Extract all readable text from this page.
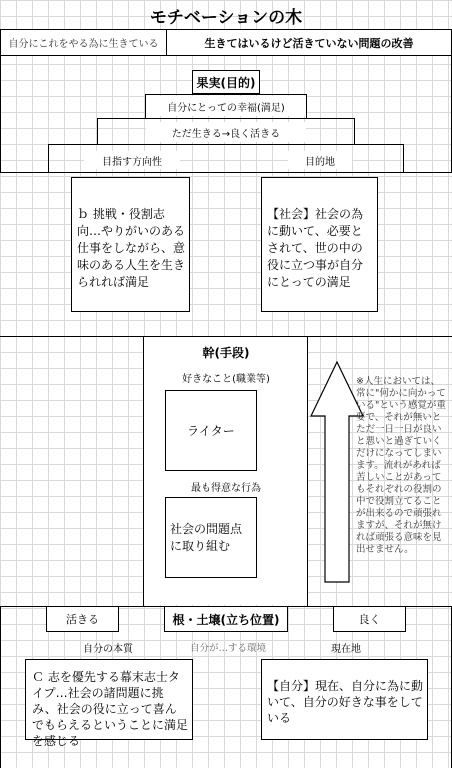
モチベーションの木
自分にこれをやる為に生きている	生きてはいるけど活きていない問題の改善
果実(目的)
自分にとっての幸福(満足)
ただ生きる→良く活きる
目指す方向性	目的地
ｂ 挑戦・役割志向…やりがいのある仕事をしながら、意味のある人生を生きられれば満足
【社会】社会の為に動いて、必要とされて、世の中の役に立つ事が自分にとっての満足
幹(手段)
好きなこと(職業等)
ライター
最も得意な行為
社会の問題点に取り組む
※人生においては、常に"何かに向かっている"という感覚が重要で、それが無いとただ一日一日が良いと悪いと過ぎていくだけになってしまいます。流れがあれば苦しいことがあってもそれぞれの役割の中で役割立てることが出来るので頑張れますが、それが無ければ頑張る意味を見出せません。
活きる	根・土壌(立ち位置)	良く
自分の本質	自分が…する環境	現在地
Ｃ 志を優先する幕末志士タイプ…社会の諸問題に挑み、社会の役に立って喜んでもらえるということに満足を感じる
【自分】現在、自分に為に動いて、自分の好きな事をしている
